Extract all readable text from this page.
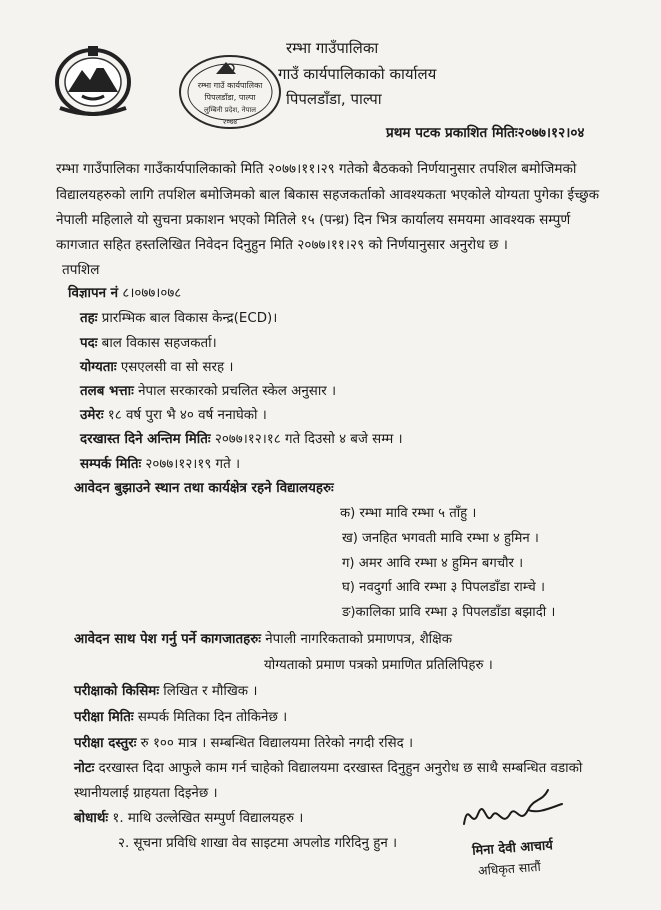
रम्भा गाउँ कार्यपालिका
पिपलडाँडा, पाल्पा
लुम्बिनी प्रदेश, नेपाल
२०७४
रम्भा गाउँपालिका
गाउँ कार्यपालिकाको कार्यालय
पिपलडाँडा, पाल्पा
प्रथम पटक प्रकाशित मितिः२०७७।१२।०४
रम्भा गाउँपालिका गाउँकार्यपालिकाको मिति २०७७।११।२९ गतेको बैठकको निर्णयानुसार तपशिल बमोजिमको
विद्यालयहरुको लागि तपशिल बमोजिमको बाल बिकास सहजकर्ताको आवश्यकता भएकोले योग्यता पुगेका ईच्छुक
नेपाली महिलाले यो सुचना प्रकाशन भएको मितिले १५ (पन्ध्र) दिन भित्र कार्यालय समयमा आवश्यक सम्पुर्ण
कागजात सहित हस्तलिखित निवेदन दिनुहुन मिति २०७७।११।२९ को निर्णयानुसार अनुरोध छ ।
तपशिल
विज्ञापन नं ८।०७७।०७८
तहः प्रारम्भिक बाल विकास केन्द्र(ECD)।
पदः बाल विकास सहजकर्ता।
योग्यताः एसएलसी वा सो सरह ।
तलब भत्ताः नेपाल सरकारको प्रचलित स्केल अनुसार ।
उमेरः १८ वर्ष पुरा भै ४० वर्ष ननाघेको ।
दरखास्त दिने अन्तिम मितिः २०७७।१२।१८ गते दिउसो ४ बजे सम्म ।
सम्पर्क मितिः २०७७।१२।१९ गते ।
आवेदन बुझाउने स्थान तथा कार्यक्षेत्र रहने विद्यालयहरुः
क) रम्भा मावि रम्भा ५ ताँहु ।
ख) जनहित भगवती मावि रम्भा ४ हुमिन ।
ग) अमर आवि रम्भा ४ हुमिन बगचौर ।
घ) नवदुर्गा आवि रम्भा ३ पिपलडाँडा राम्चे ।
ङ)कालिका प्रावि रम्भा ३ पिपलडाँडा बझादी ।
आवेदन साथ पेश गर्नु पर्ने कागजातहरुः नेपाली नागरिकताको प्रमाणपत्र, शैक्षिक
योग्यताको प्रमाण पत्रको प्रमाणित प्रतिलिपिहरु ।
परीक्षाको किसिमः लिखित र मौखिक ।
परीक्षा मितिः सम्पर्क मितिका दिन तोकिनेछ ।
परीक्षा दस्तुरः रु १०० मात्र । सम्बन्धित विद्यालयमा तिरेको नगदी रसिद ।
नोटः दरखास्त दिदा आफुले काम गर्न चाहेको विद्यालयमा दरखास्त दिनुहुन अनुरोध छ साथै सम्बन्धित वडाको
स्थानीयलाई ग्राहयता दिइनेछ ।
बोधार्थः १. माथि उल्लेखित सम्पुर्ण विद्यालयहरु ।
२. सूचना प्रविधि शाखा वेव साइटमा अपलोड गरिदिनु हुन ।	मिना देवी आचार्य
अधिकृत सातौं
